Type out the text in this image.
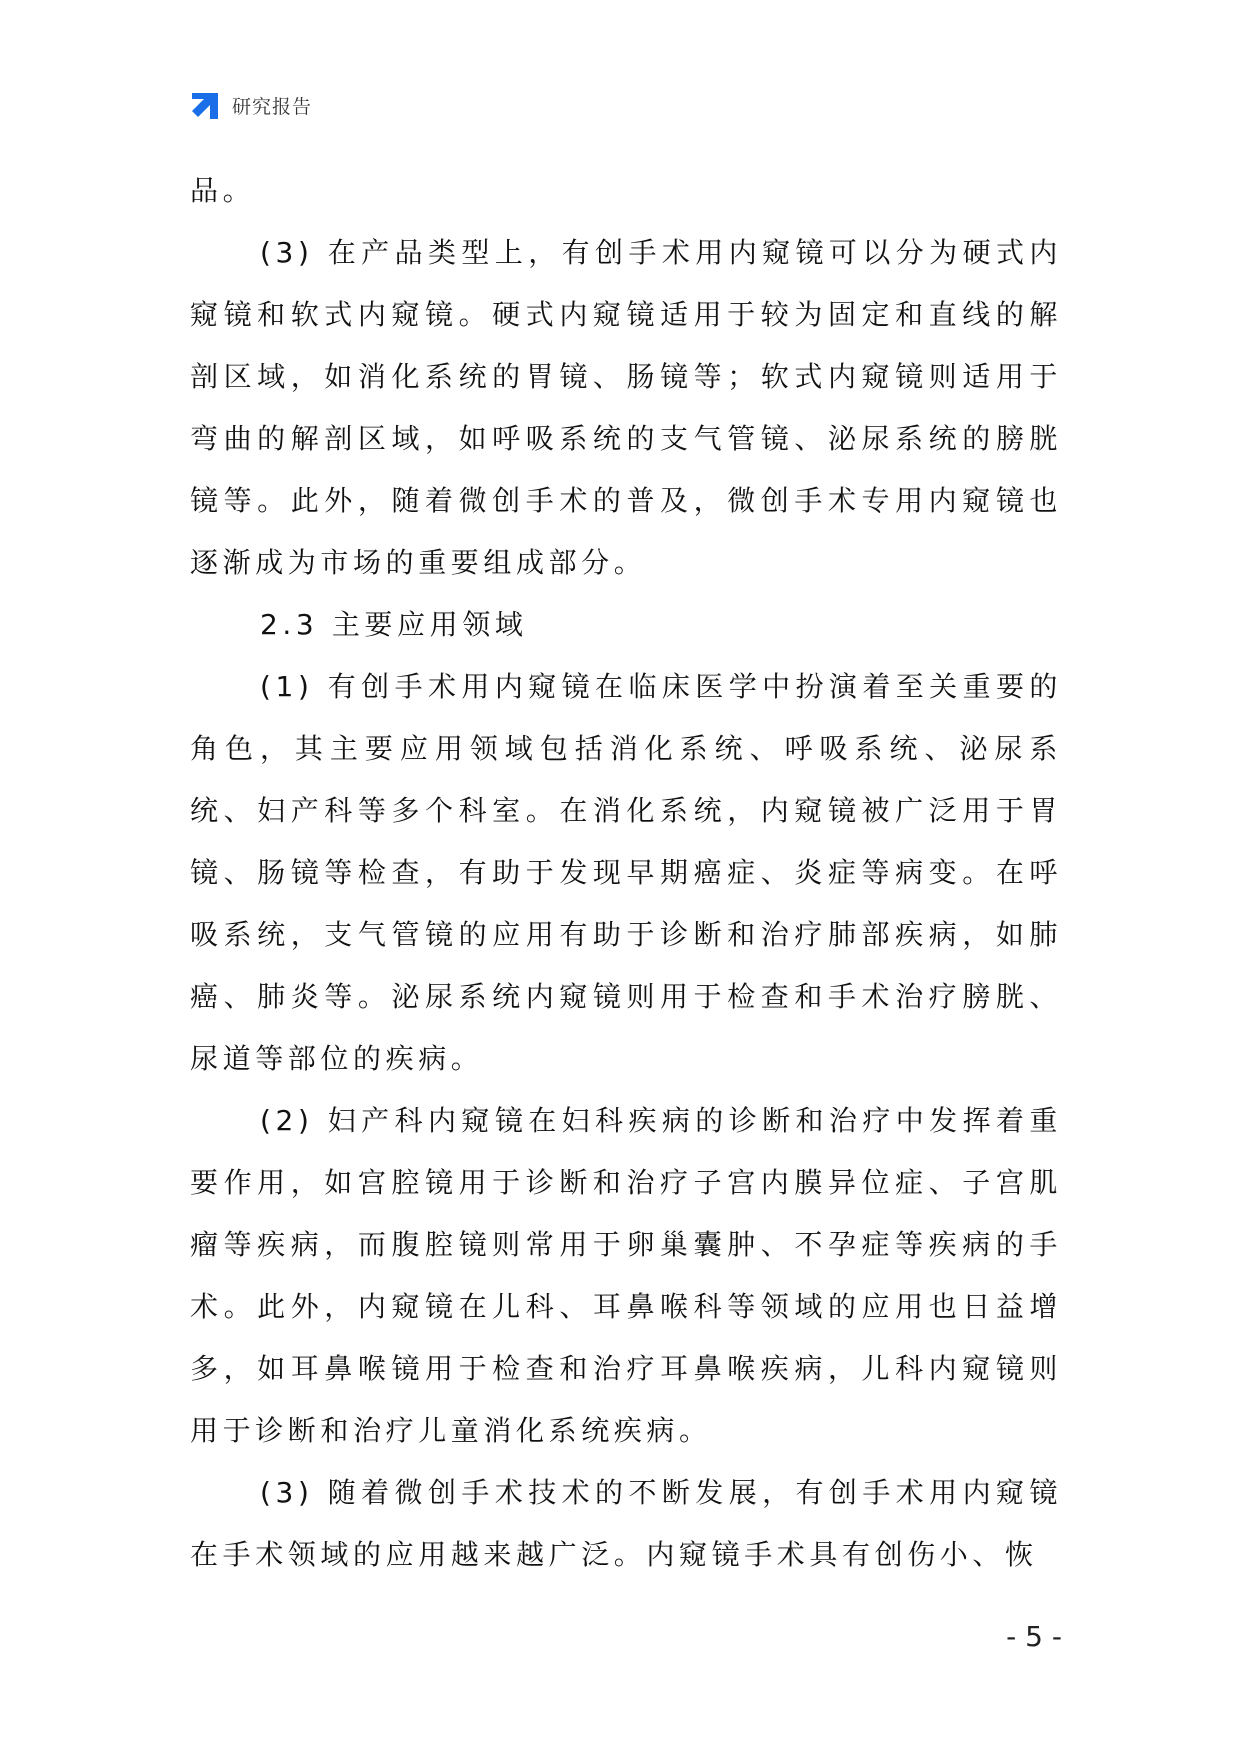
研究报告

品。

(3) 在产品类型上，有创手术用内窥镜可以分为硬式内窥镜和软式内窥镜。硬式内窥镜适用于较为固定和直线的解剖区域，如消化系统的胃镜、肠镜等；软式内窥镜则适用于弯曲的解剖区域，如呼吸系统的支气管镜、泌尿系统的膀胱镜等。此外，随着微创手术的普及，微创手术专用内窥镜也逐渐成为市场的重要组成部分。

2.3 主要应用领域

(1) 有创手术用内窥镜在临床医学中扮演着至关重要的角色，其主要应用领域包括消化系统、呼吸系统、泌尿系统、妇产科等多个科室。在消化系统，内窥镜被广泛用于胃镜、肠镜等检查，有助于发现早期癌症、炎症等病变。在呼吸系统，支气管镜的应用有助于诊断和治疗肺部疾病，如肺癌、肺炎等。泌尿系统内窥镜则用于检查和手术治疗膀胱、尿道等部位的疾病。

(2) 妇产科内窥镜在妇科疾病的诊断和治疗中发挥着重要作用，如宫腔镜用于诊断和治疗子宫内膜异位症、子宫肌瘤等疾病，而腹腔镜则常用于卵巢囊肿、不孕症等疾病的手术。此外，内窥镜在儿科、耳鼻喉科等领域的应用也日益增多，如耳鼻喉镜用于检查和治疗耳鼻喉疾病，儿科内窥镜则用于诊断和治疗儿童消化系统疾病。

(3) 随着微创手术技术的不断发展，有创手术用内窥镜在手术领域的应用越来越广泛。内窥镜手术具有创伤小、恢

- 5 -
